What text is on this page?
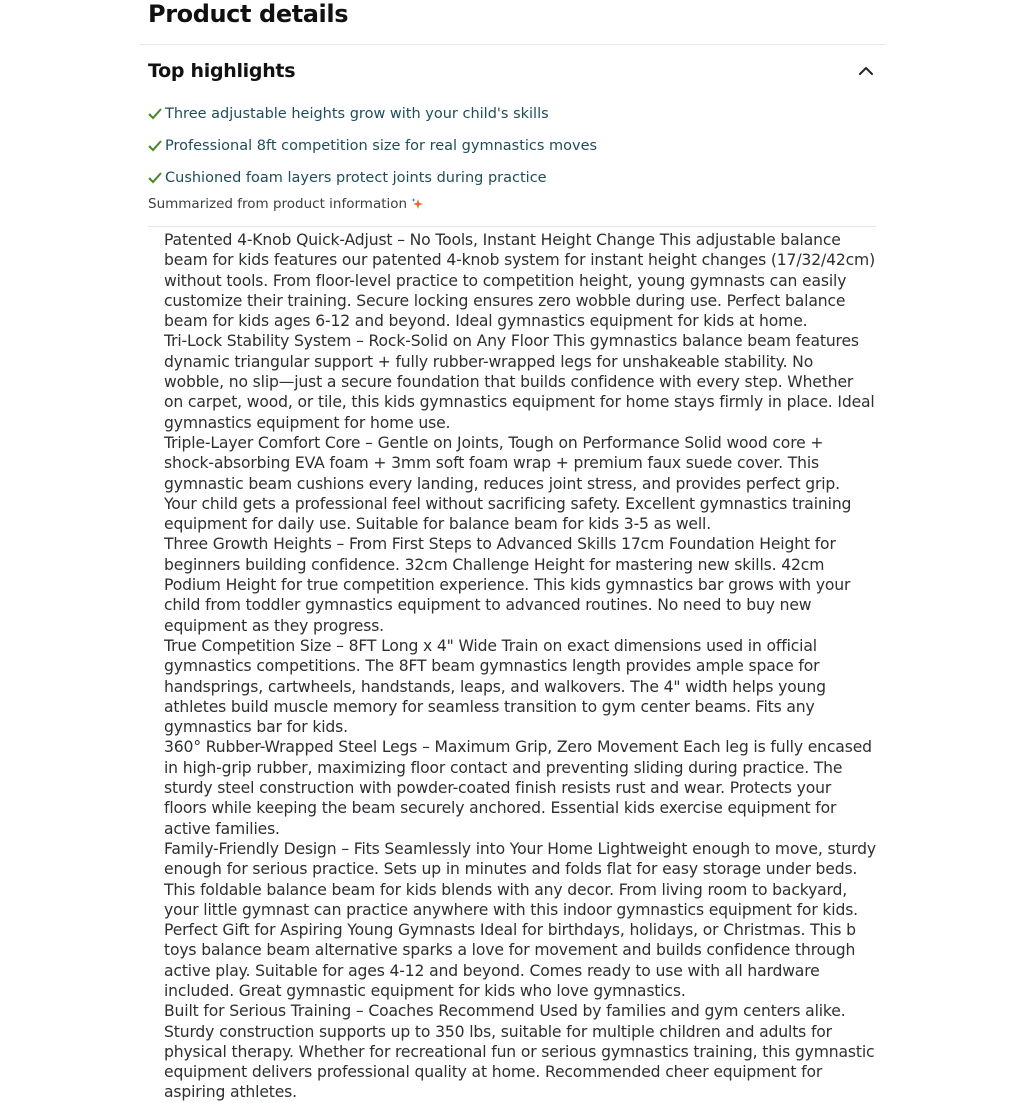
Product details
Top highlights
Three adjustable heights grow with your child's skills
Professional 8ft competition size for real gymnastics moves
Cushioned foam layers protect joints during practice
Summarized from product information
Patented 4-Knob Quick-Adjust – No Tools, Instant Height Change This adjustable balance beam for kids features our patented 4-knob system for instant height changes (17/32/42cm) without tools. From floor-level practice to competition height, young gymnasts can easily customize their training. Secure locking ensures zero wobble during use. Perfect balance beam for kids ages 6-12 and beyond. Ideal gymnastics equipment for kids at home.
Tri-Lock Stability System – Rock-Solid on Any Floor This gymnastics balance beam features dynamic triangular support + fully rubber-wrapped legs for unshakeable stability. No wobble, no slip—just a secure foundation that builds confidence with every step. Whether on carpet, wood, or tile, this kids gymnastics equipment for home stays firmly in place. Ideal gymnastics equipment for home use.
Triple-Layer Comfort Core – Gentle on Joints, Tough on Performance Solid wood core + shock-absorbing EVA foam + 3mm soft foam wrap + premium faux suede cover. This gymnastic beam cushions every landing, reduces joint stress, and provides perfect grip. Your child gets a professional feel without sacrificing safety. Excellent gymnastics training equipment for daily use. Suitable for balance beam for kids 3-5 as well.
Three Growth Heights – From First Steps to Advanced Skills 17cm Foundation Height for beginners building confidence. 32cm Challenge Height for mastering new skills. 42cm Podium Height for true competition experience. This kids gymnastics bar grows with your child from toddler gymnastics equipment to advanced routines. No need to buy new equipment as they progress.
True Competition Size – 8FT Long x 4" Wide Train on exact dimensions used in official gymnastics competitions. The 8FT beam gymnastics length provides ample space for handsprings, cartwheels, handstands, leaps, and walkovers. The 4" width helps young athletes build muscle memory for seamless transition to gym center beams. Fits any gymnastics bar for kids.
360° Rubber-Wrapped Steel Legs – Maximum Grip, Zero Movement Each leg is fully encased in high-grip rubber, maximizing floor contact and preventing sliding during practice. The sturdy steel construction with powder-coated finish resists rust and wear. Protects your floors while keeping the beam securely anchored. Essential kids exercise equipment for active families.
Family-Friendly Design – Fits Seamlessly into Your Home Lightweight enough to move, sturdy enough for serious practice. Sets up in minutes and folds flat for easy storage under beds. This foldable balance beam for kids blends with any decor. From living room to backyard, your little gymnast can practice anywhere with this indoor gymnastics equipment for kids.
Perfect Gift for Aspiring Young Gymnasts Ideal for birthdays, holidays, or Christmas. This b toys balance beam alternative sparks a love for movement and builds confidence through active play. Suitable for ages 4-12 and beyond. Comes ready to use with all hardware included. Great gymnastic equipment for kids who love gymnastics.
Built for Serious Training – Coaches Recommend Used by families and gym centers alike. Sturdy construction supports up to 350 lbs, suitable for multiple children and adults for physical therapy. Whether for recreational fun or serious gymnastics training, this gymnastic equipment delivers professional quality at home. Recommended cheer equipment for aspiring athletes.
